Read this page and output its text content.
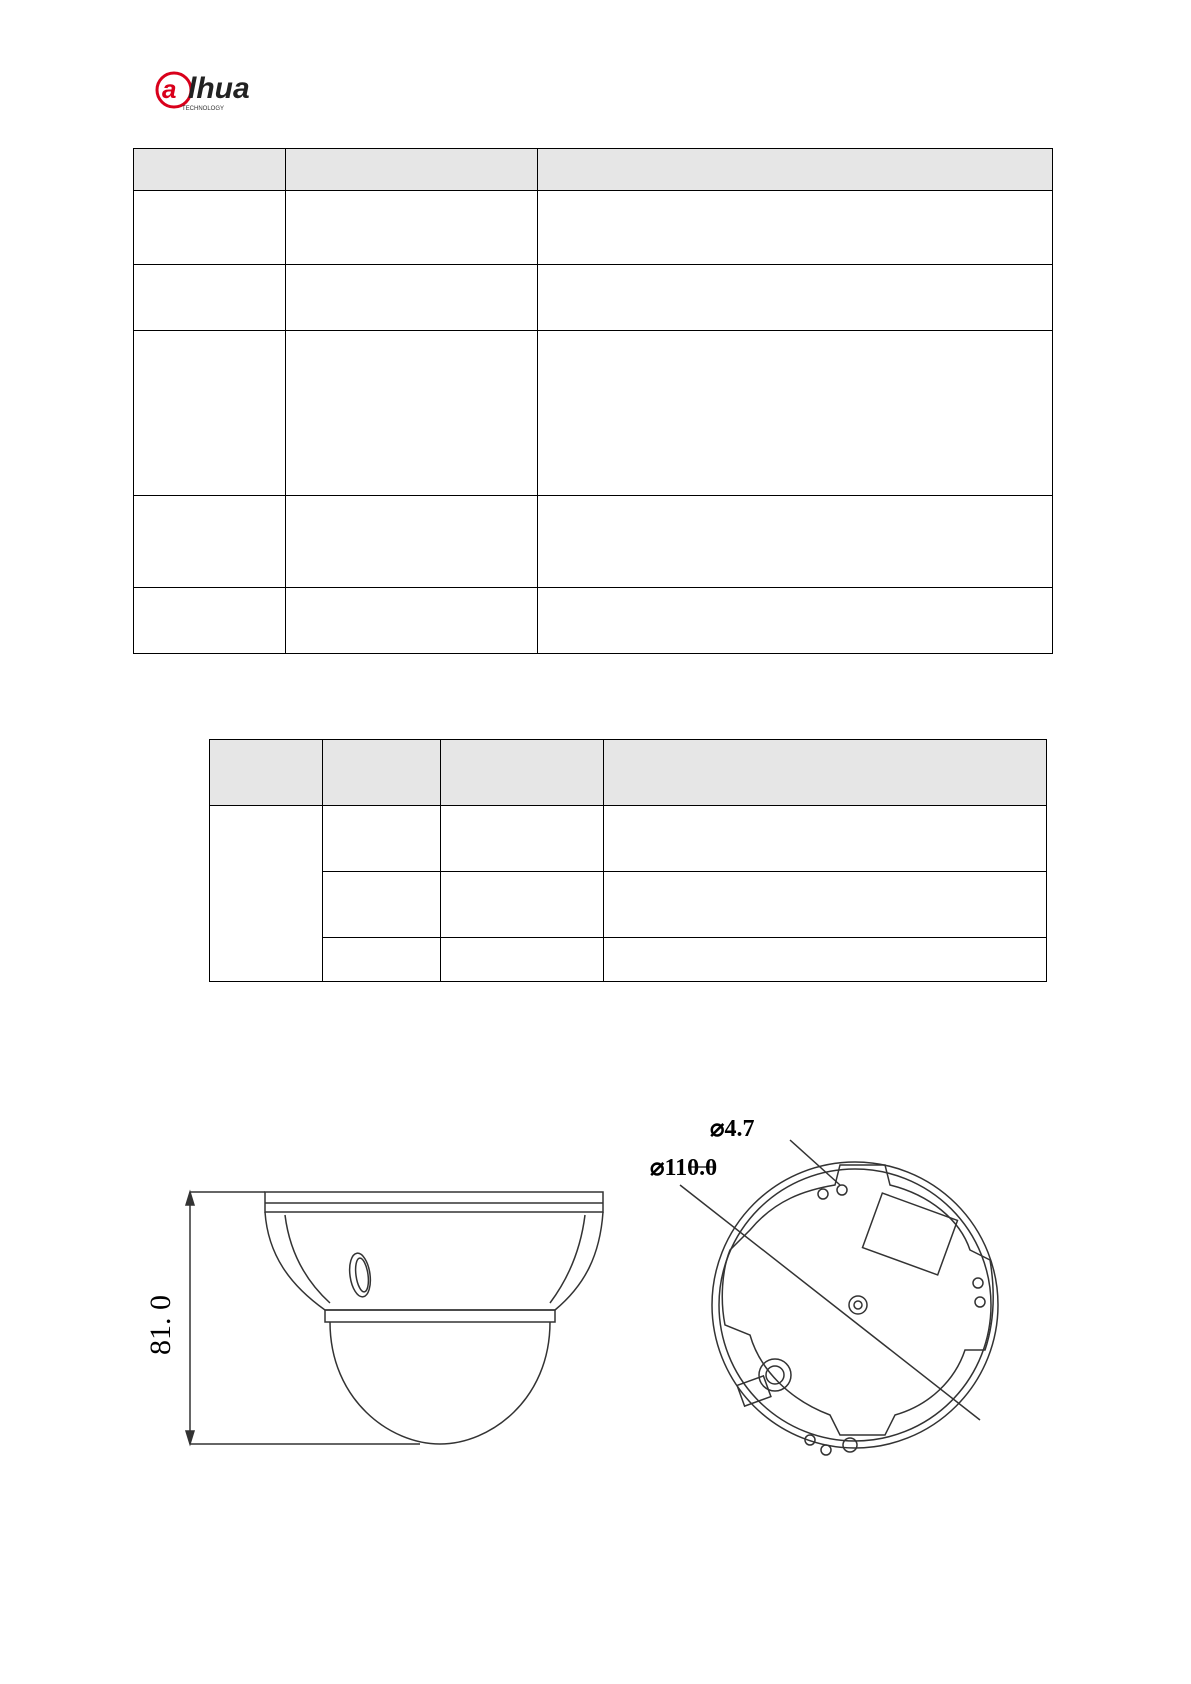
a lhua
TECHNOLOGY

81. 0
⌀4.7
⌀110.0
